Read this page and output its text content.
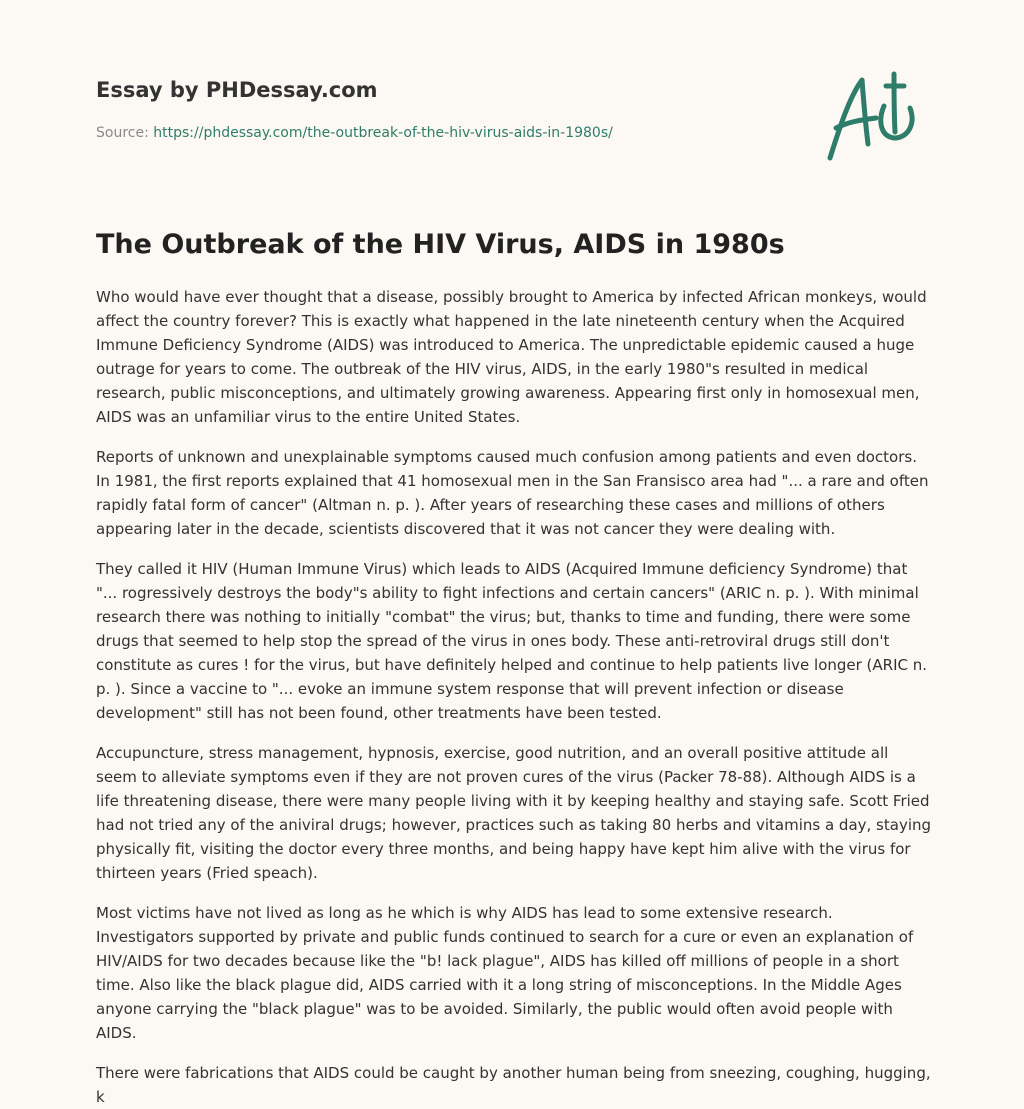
Essay by PHDessay.com
Source: https://phdessay.com/the-outbreak-of-the-hiv-virus-aids-in-1980s/
The Outbreak of the HIV Virus, AIDS in 1980s

Who would have ever thought that a disease, possibly brought to America by infected African monkeys, would affect the country forever? This is exactly what happened in the late nineteenth century when the Acquired Immune Deficiency Syndrome (AIDS) was introduced to America. The unpredictable epidemic caused a huge outrage for years to come. The outbreak of the HIV virus, AIDS, in the early 1980"s resulted in medical research, public misconceptions, and ultimately growing awareness. Appearing first only in homosexual men, AIDS was an unfamiliar virus to the entire United States.

Reports of unknown and unexplainable symptoms caused much confusion among patients and even doctors. In 1981, the first reports explained that 41 homosexual men in the San Fransisco area had "... a rare and often rapidly fatal form of cancer" (Altman n. p. ). After years of researching these cases and millions of others appearing later in the decade, scientists discovered that it was not cancer they were dealing with.

They called it HIV (Human Immune Virus) which leads to AIDS (Acquired Immune deficiency Syndrome) that "... rogressively destroys the body"s ability to fight infections and certain cancers" (ARIC n. p. ). With minimal research there was nothing to initially "combat" the virus; but, thanks to time and funding, there were some drugs that seemed to help stop the spread of the virus in ones body. These anti-retroviral drugs still don't constitute as cures ! for the virus, but have definitely helped and continue to help patients live longer (ARIC n. p. ). Since a vaccine to "... evoke an immune system response that will prevent infection or disease development" still has not been found, other treatments have been tested.

Accupuncture, stress management, hypnosis, exercise, good nutrition, and an overall positive attitude all seem to alleviate symptoms even if they are not proven cures of the virus (Packer 78-88). Although AIDS is a life threatening disease, there were many people living with it by keeping healthy and staying safe. Scott Fried had not tried any of the aniviral drugs; however, practices such as taking 80 herbs and vitamins a day, staying physically fit, visiting the doctor every three months, and being happy have kept him alive with the virus for thirteen years (Fried speach).

Most victims have not lived as long as he which is why AIDS has lead to some extensive research. Investigators supported by private and public funds continued to search for a cure or even an explanation of HIV/AIDS for two decades because like the "b! lack plague", AIDS has killed off millions of people in a short time. Also like the black plague did, AIDS carried with it a long string of misconceptions. In the Middle Ages anyone carrying the "black plague" was to be avoided. Similarly, the public would often avoid people with AIDS.

There were fabrications that AIDS could be caught by another human being from sneezing, coughing, hugging, k
